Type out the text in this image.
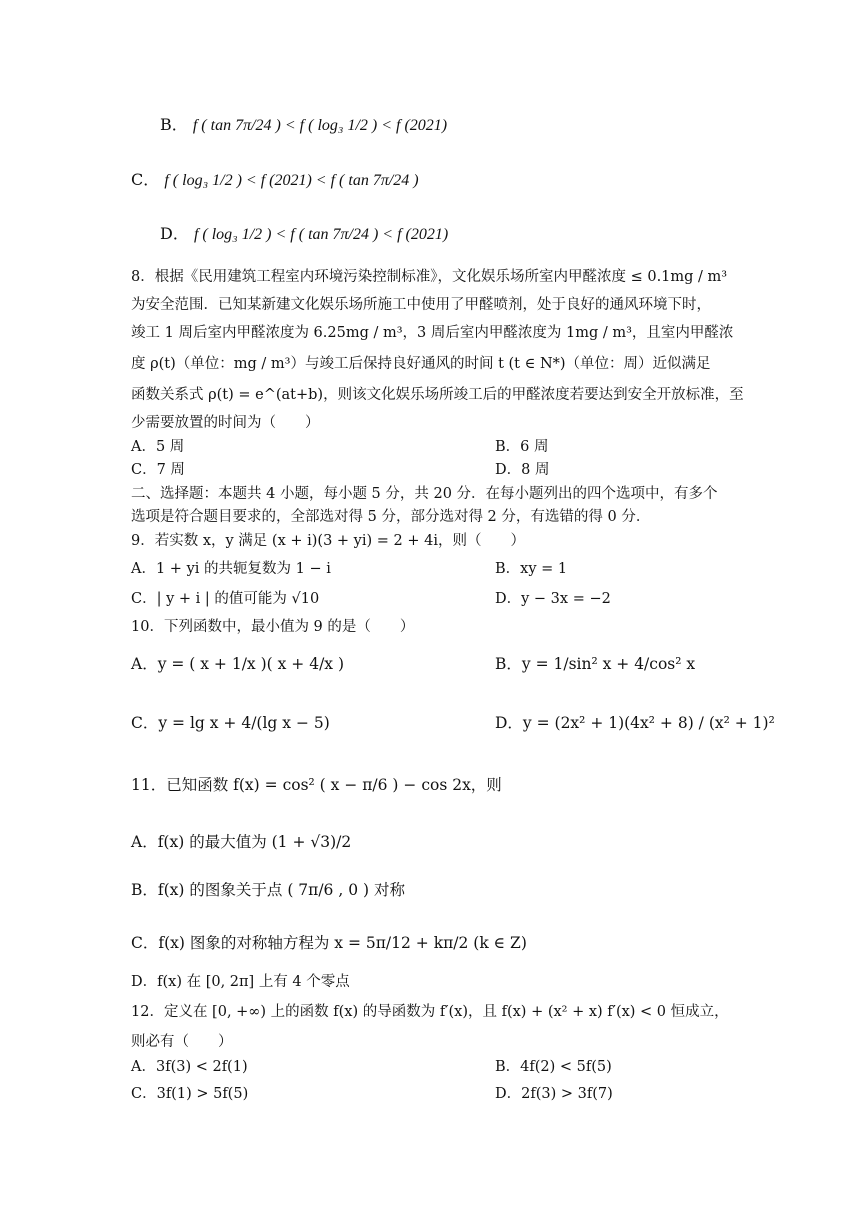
B． f ( tan 7π/24 ) < f ( log₃ 1/2 ) < f (2021)
C． f ( log₃ 1/2 ) < f (2021) < f ( tan 7π/24 )
D． f ( log₃ 1/2 ) < f ( tan 7π/24 ) < f (2021)
8．根据《民用建筑工程室内环境污染控制标准》，文化娱乐场所室内甲醛浓度 ≤ 0.1mg / m³
为安全范围．已知某新建文化娱乐场所施工中使用了甲醛喷剂，处于良好的通风环境下时，
竣工 1 周后室内甲醛浓度为 6.25mg / m³，3 周后室内甲醛浓度为 1mg / m³，且室内甲醛浓
度 ρ(t)（单位：mg / m³）与竣工后保持良好通风的时间 t (t ∈ N*)（单位：周）近似满足
函数关系式 ρ(t) = e^(at+b)，则该文化娱乐场所竣工后的甲醛浓度若要达到安全开放标准，至
少需要放置的时间为（　　）
A．5 周	B．6 周
C．7 周	D．8 周
二、选择题：本题共 4 小题，每小题 5 分，共 20 分．在每小题列出的四个选项中，有多个
选项是符合题目要求的，全部选对得 5 分，部分选对得 2 分，有选错的得 0 分．
9．若实数 x，y 满足 (x + i)(3 + yi) = 2 + 4i，则（　　）
A．1 + yi 的共轭复数为 1 − i	B．xy = 1
C．| y + i | 的值可能为 √10	D．y − 3x = −2
10．下列函数中，最小值为 9 的是（　　）
A．y = ( x + 1/x )( x + 4/x )	B．y = 1/sin² x + 4/cos² x
C．y = lg x + 4/(lg x − 5)	D．y = (2x² + 1)(4x² + 8) / (x² + 1)²
11．已知函数 f(x) = cos² ( x − π/6 ) − cos 2x，则
A．f(x) 的最大值为 (1 + √3)/2
B．f(x) 的图象关于点 ( 7π/6 , 0 ) 对称
C．f(x) 图象的对称轴方程为 x = 5π/12 + kπ/2 (k ∈ Z)
D．f(x) 在 [0, 2π] 上有 4 个零点
12．定义在 [0, +∞) 上的函数 f(x) 的导函数为 f′(x)，且 f(x) + (x² + x) f′(x) < 0 恒成立，
则必有（　　）
A．3f(3) < 2f(1)	B．4f(2) < 5f(5)
C．3f(1) > 5f(5)	D．2f(3) > 3f(7)
